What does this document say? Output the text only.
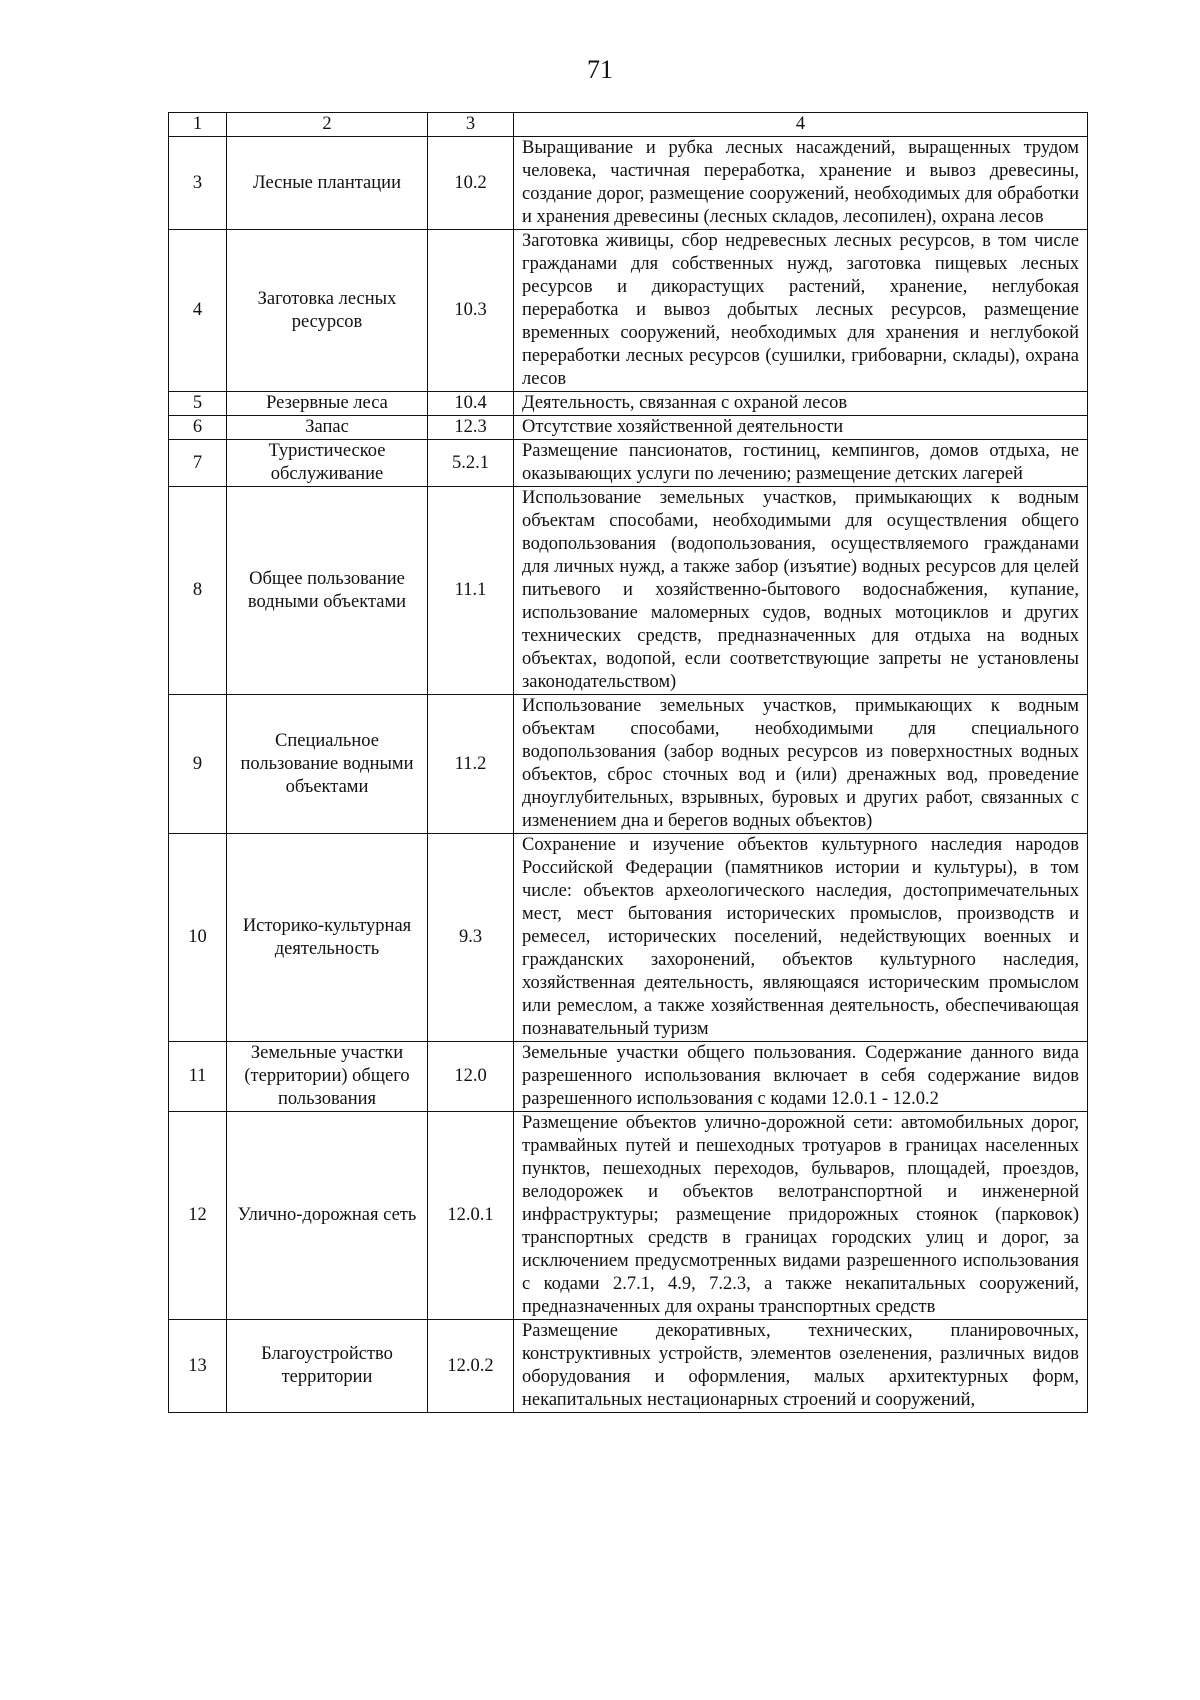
71
1	2	3	4
3	Лесные плантации	10.2	Выращивание и рубка лесных насаждений, выращенных трудом человека, частичная переработка, хранение и вывоз древесины, создание дорог, размещение сооружений, необходимых для обработки и хранения древесины (лесных складов, лесопилен), охрана лесов
4	Заготовка лесных ресурсов	10.3	Заготовка живицы, сбор недревесных лесных ресурсов, в том числе гражданами для собственных нужд, заготовка пищевых лесных ресурсов и дикорастущих растений, хранение, неглубокая переработка и вывоз добытых лесных ресурсов, размещение временных сооружений, необходимых для хранения и неглубокой переработки лесных ресурсов (сушилки, грибоварни, склады), охрана лесов
5	Резервные леса	10.4	Деятельность, связанная с охраной лесов
6	Запас	12.3	Отсутствие хозяйственной деятельности
7	Туристическое обслуживание	5.2.1	Размещение пансионатов, гостиниц, кемпингов, домов отдыха, не оказывающих услуги по лечению; размещение детских лагерей
8	Общее пользование водными объектами	11.1	Использование земельных участков, примыкающих к водным объектам способами, необходимыми для осуществления общего водопользования (водопользования, осуществляемого гражданами для личных нужд, а также забор (изъятие) водных ресурсов для целей питьевого и хозяйственно-бытового водоснабжения, купание, использование маломерных судов, водных мотоциклов и других технических средств, предназначенных для отдыха на водных объектах, водопой, если соответствующие запреты не установлены законодательством)
9	Специальное пользование водными объектами	11.2	Использование земельных участков, примыкающих к водным объектам способами, необходимыми для специального водопользования (забор водных ресурсов из поверхностных водных объектов, сброс сточных вод и (или) дренажных вод, проведение дноуглубительных, взрывных, буровых и других работ, связанных с изменением дна и берегов водных объектов)
10	Историко-культурная деятельность	9.3	Сохранение и изучение объектов культурного наследия народов Российской Федерации (памятников истории и культуры), в том числе: объектов археологического наследия, достопримечательных мест, мест бытования исторических промыслов, производств и ремесел, исторических поселений, недействующих военных и гражданских захоронений, объектов культурного наследия, хозяйственная деятельность, являющаяся историческим промыслом или ремеслом, а также хозяйственная деятельность, обеспечивающая познавательный туризм
11	Земельные участки (территории) общего пользования	12.0	Земельные участки общего пользования. Содержание данного вида разрешенного использования включает в себя содержание видов разрешенного использования с кодами 12.0.1 - 12.0.2
12	Улично-дорожная сеть	12.0.1	Размещение объектов улично-дорожной сети: автомобильных дорог, трамвайных путей и пешеходных тротуаров в границах населенных пунктов, пешеходных переходов, бульваров, площадей, проездов, велодорожек и объектов велотранспортной и инженерной инфраструктуры; размещение придорожных стоянок (парковок) транспортных средств в границах городских улиц и дорог, за исключением предусмотренных видами разрешенного использования с кодами 2.7.1, 4.9, 7.2.3, а также некапитальных сооружений, предназначенных для охраны транспортных средств
13	Благоустройство территории	12.0.2	Размещение декоративных, технических, планировочных, конструктивных устройств, элементов озеленения, различных видов оборудования и оформления, малых архитектурных форм, некапитальных нестационарных строений и сооружений,
